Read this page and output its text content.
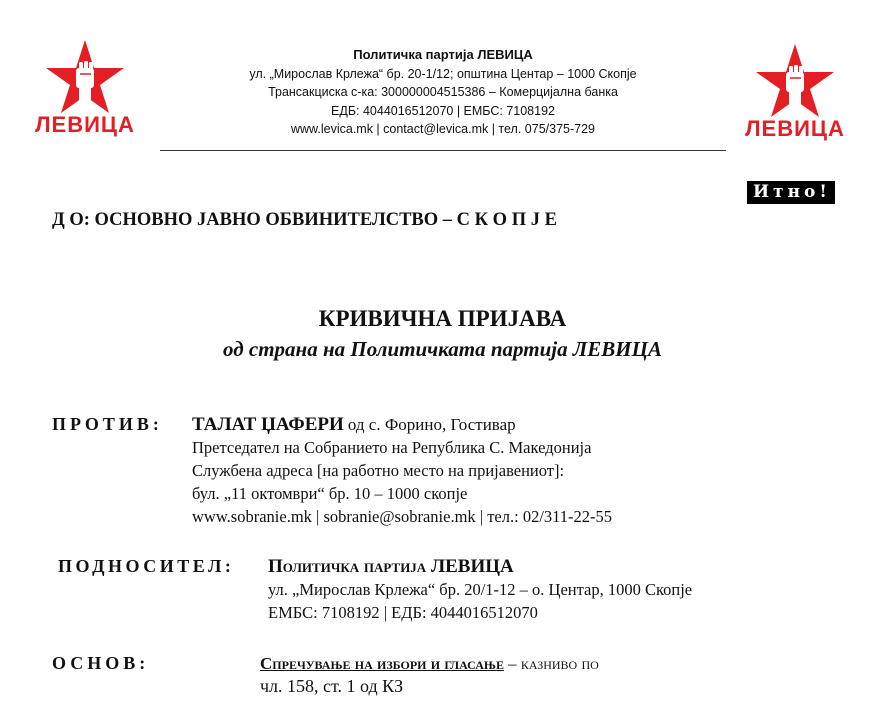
ЛЕВИЦА	ЛЕВИЦА
Политичка партија ЛЕВИЦА
ул. „Мирослав Крлежа“ бр. 20-1/12; општина Центар – 1000 Скопје
Трансакциска с-ка: 300000004515386 – Комерцијална банка
ЕДБ: 4044016512070 | ЕМБС: 7108192
www.levica.mk | contact@levica.mk | тел. 075/375-729
Итно!
Д О: ОСНОВНО ЈАВНО ОБВИНИТЕЛСТВО – С К О П Ј Е
КРИВИЧНА ПРИЈАВА
од страна на Политичката партија ЛЕВИЦА
ПРОТИВ: ТАЛАТ ЏАФЕРИ од с. Форино, Гостивар
Претседател на Собранието на Република С. Македонија
Службена адреса [на работно место на пријавениот]:
бул. „11 октомври“ бр. 10 – 1000 скопје
www.sobranie.mk | sobranie@sobranie.mk | тел.: 02/311-22-55
ПОДНОСИТЕЛ: Политичка партија ЛЕВИЦА
ул. „Мирослав Крлежа“ бр. 20/1-12 – о. Центар, 1000 Скопје
ЕМБС: 7108192 | ЕДБ: 4044016512070
ОСНОВ:	Спречување на избори и гласање – казниво по
чл. 158, ст. 1 од КЗ
